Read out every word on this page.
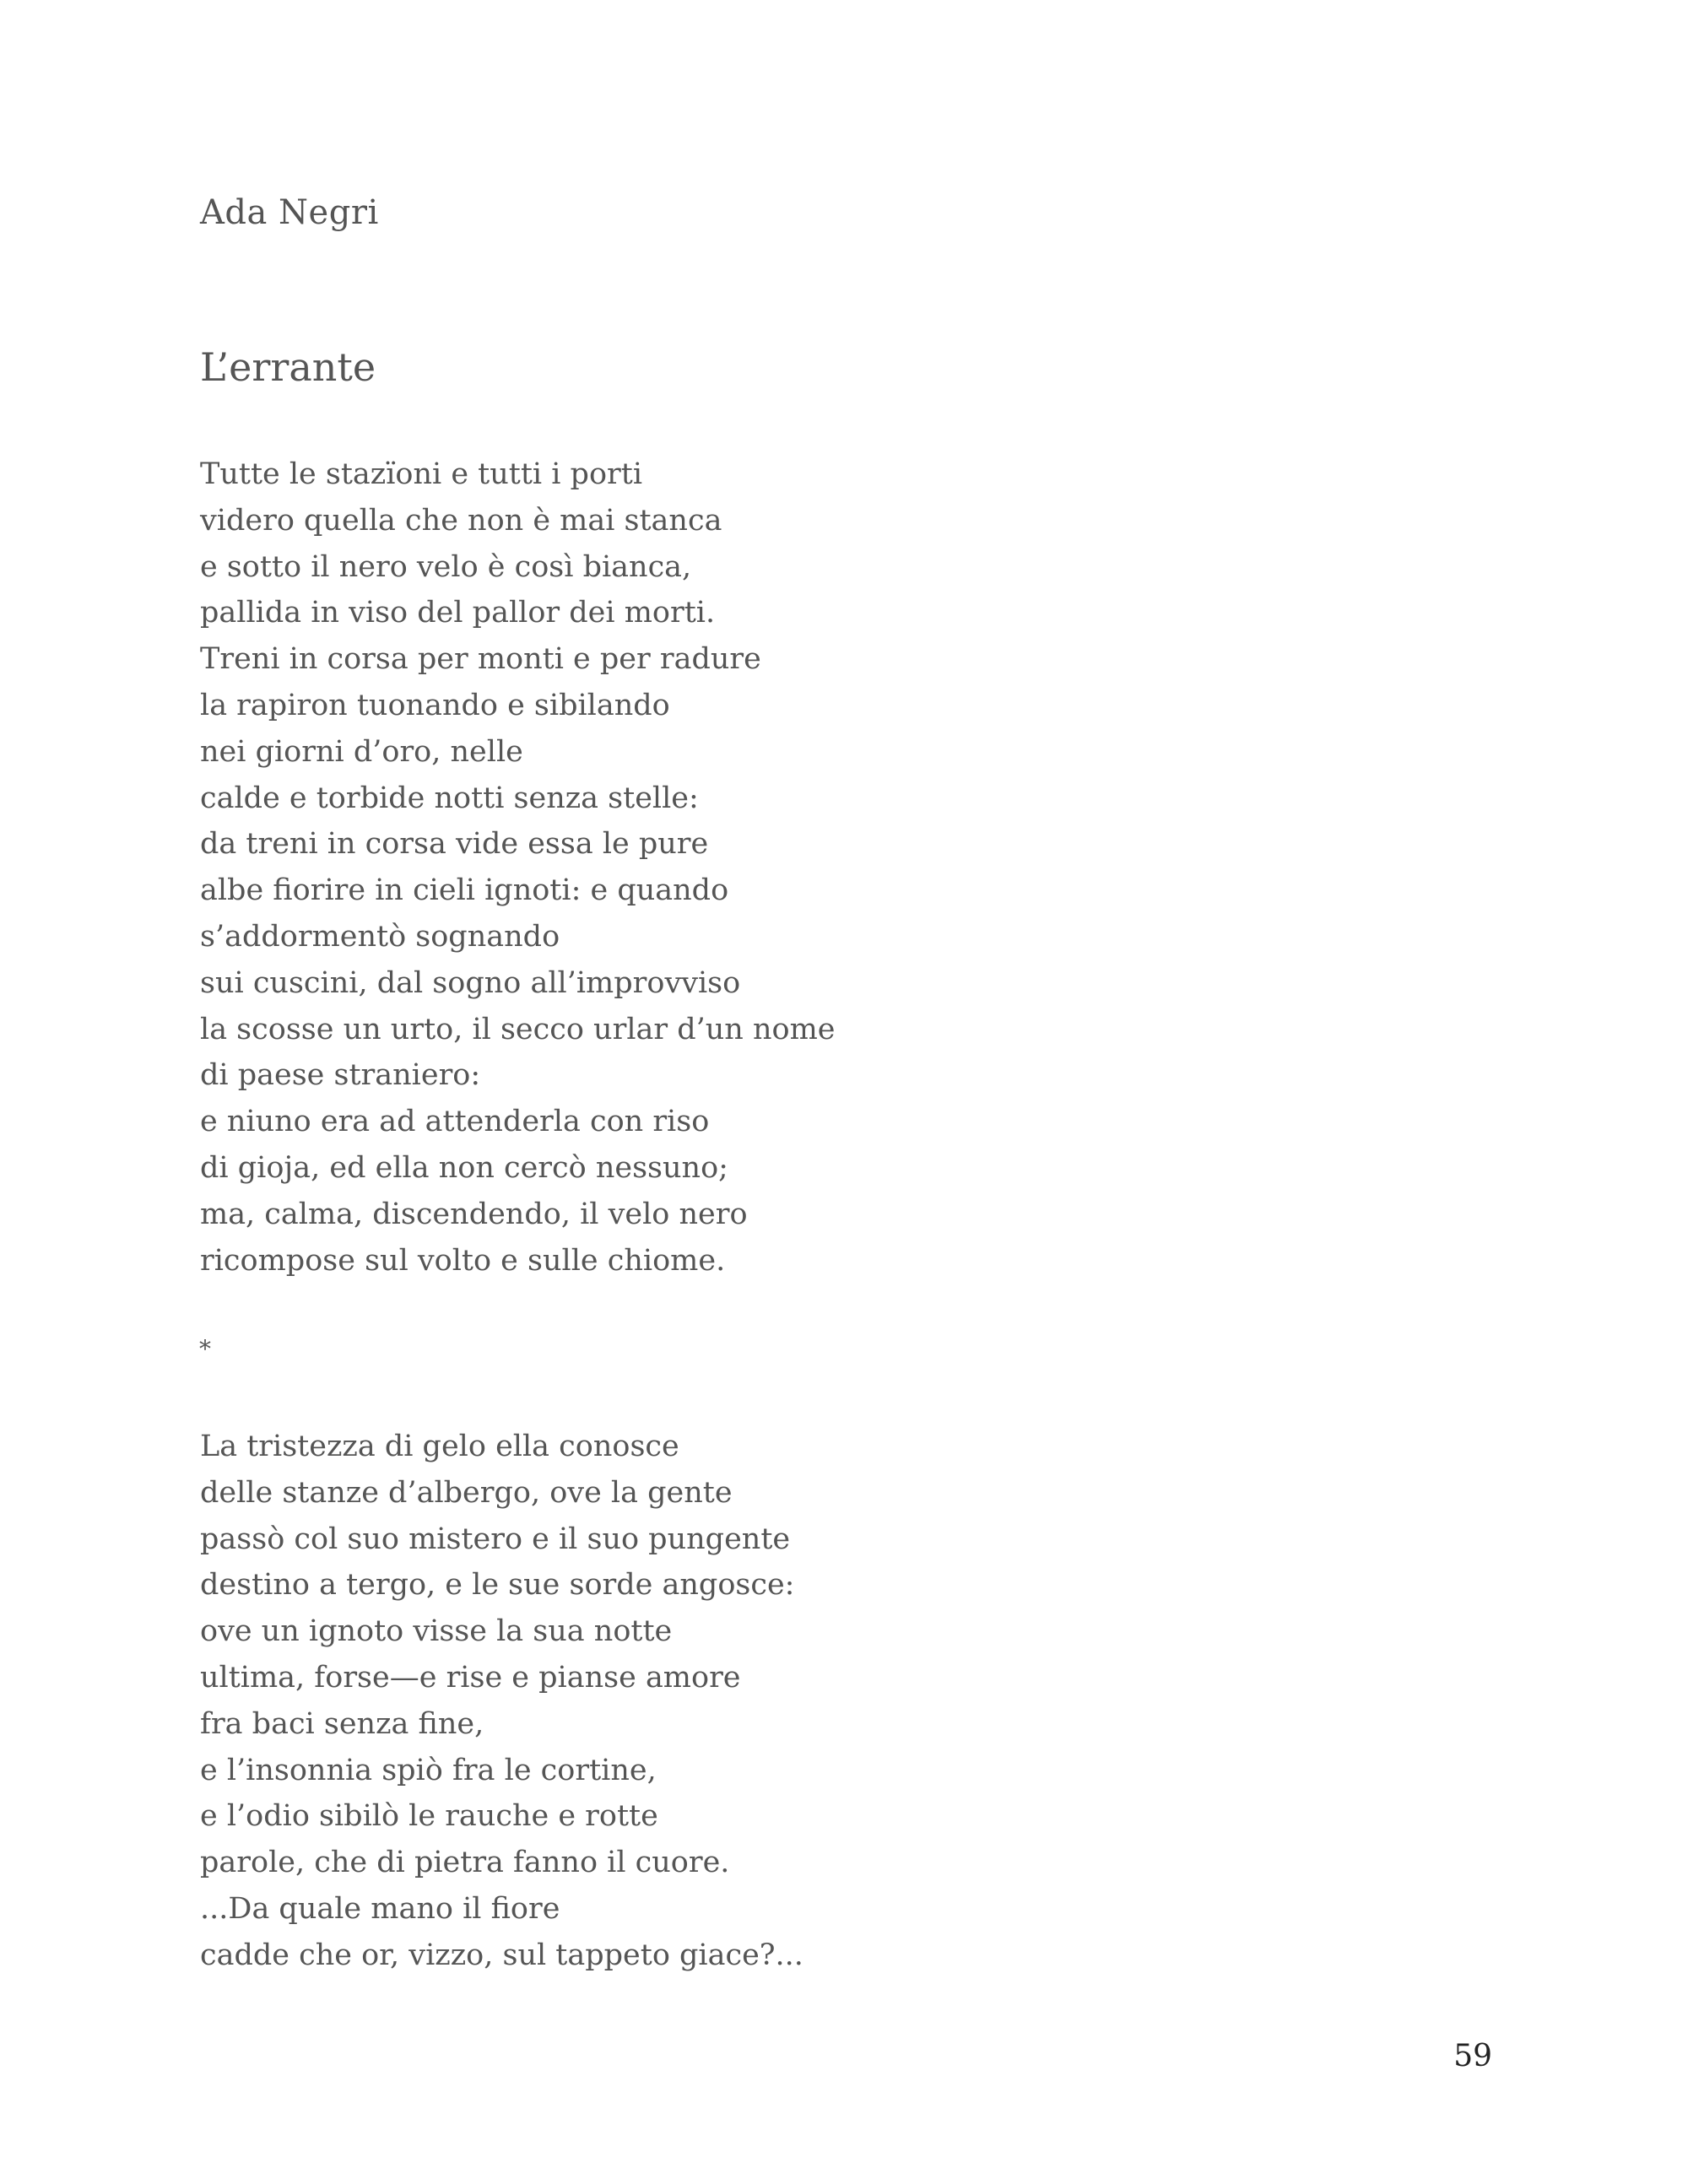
Ada Negri
L’errante
Tutte le stazïoni e tutti i porti
videro quella che non è mai stanca
e sotto il nero velo è così bianca,
pallida in viso del pallor dei morti.
Treni in corsa per monti e per radure
la rapiron tuonando e sibilando
nei giorni d’oro, nelle
calde e torbide notti senza stelle:
da treni in corsa vide essa le pure
albe fiorire in cieli ignoti: e quando
s’addormentò sognando
sui cuscini, dal sogno all’improvviso
la scosse un urto, il secco urlar d’un nome
di paese straniero:
e niuno era ad attenderla con riso
di gioja, ed ella non cercò nessuno;
ma, calma, discendendo, il velo nero
ricompose sul volto e sulle chiome.
*
La tristezza di gelo ella conosce
delle stanze d’albergo, ove la gente
passò col suo mistero e il suo pungente
destino a tergo, e le sue sorde angosce:
ove un ignoto visse la sua notte
ultima, forse—e rise e pianse amore
fra baci senza fine,
e l’insonnia spiò fra le cortine,
e l’odio sibilò le rauche e rotte
parole, che di pietra fanno il cuore.
...Da quale mano il fiore
cadde che or, vizzo, sul tappeto giace?...
59
